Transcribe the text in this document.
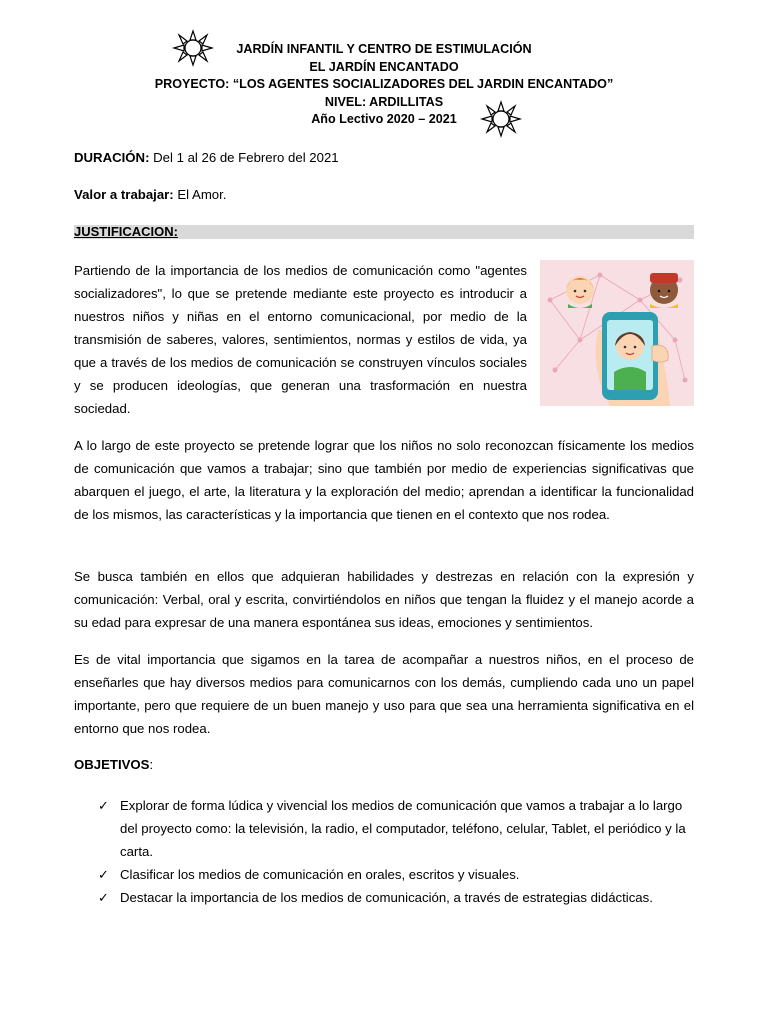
JARDÍN INFANTIL Y CENTRO DE ESTIMULACIÓN
EL JARDÍN ENCANTADO
PROYECTO: “LOS AGENTES SOCIALIZADORES DEL JARDIN ENCANTADO”
NIVEL: ARDILLITAS
Año Lectivo 2020 – 2021
DURACIÓN: Del 1 al 26 de Febrero del 2021
Valor a trabajar: El Amor.
JUSTIFICACION:
Partiendo de la importancia de los medios de comunicación como "agentes socializadores", lo que se pretende mediante este proyecto es introducir a nuestros niños y niñas en el entorno comunicacional, por medio de la transmisión de saberes, valores, sentimientos, normas y estilos de vida, ya que a través de los medios de comunicación se construyen vínculos sociales y se producen ideologías, que generan una trasformación en nuestra sociedad.
A lo largo de este proyecto se pretende lograr que los niños no solo reconozcan físicamente los medios de comunicación que vamos a trabajar; sino que también por medio de experiencias significativas que abarquen el juego, el arte, la literatura y la exploración del medio; aprendan a identificar la funcionalidad de los mismos, las características y la importancia que tienen en el contexto que nos rodea.
Se busca también en ellos que adquieran habilidades y destrezas en relación con la expresión y comunicación: Verbal, oral y escrita, convirtiéndolos en niños que tengan la fluidez y el manejo acorde a su edad para expresar de una manera espontánea sus ideas, emociones y sentimientos.
Es de vital importancia que sigamos en la tarea de acompañar a nuestros niños, en el proceso de enseñarles que hay diversos medios para comunicarnos con los demás, cumpliendo cada uno un papel importante, pero que requiere de un buen manejo y uso para que sea una herramienta significativa en el entorno que nos rodea.
OBJETIVOS:
✓ Explorar de forma lúdica y vivencial los medios de comunicación que vamos a trabajar a lo largo del proyecto como: la televisión, la radio, el computador, teléfono, celular, Tablet, el periódico y la carta.
✓ Clasificar los medios de comunicación en orales, escritos y visuales.
✓ Destacar la importancia de los medios de comunicación, a través de estrategias didácticas.
